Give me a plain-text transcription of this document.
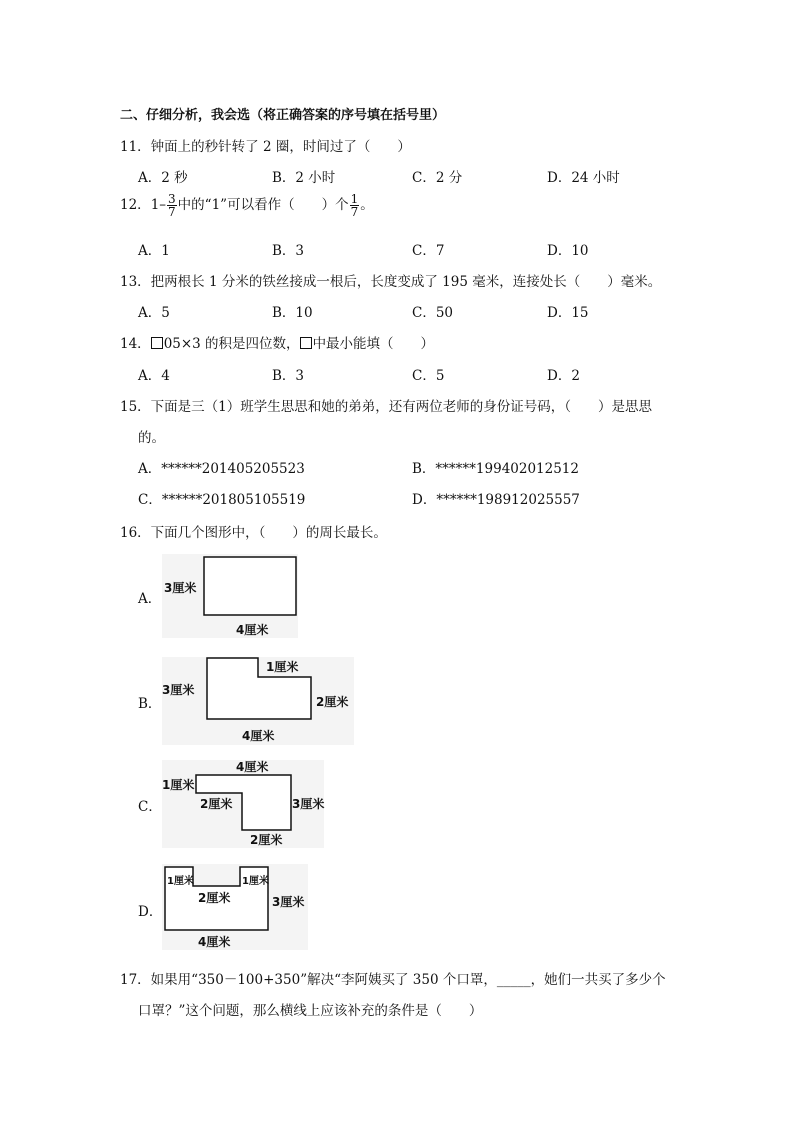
二、仔细分析，我会选（将正确答案的序号填在括号里）
11．钟面上的秒针转了 2 圈，时间过了（　　）
A．2 秒	B．2 小时	C．2 分	D．24 小时
12．$1- \frac{3}{7}$ 中的“1”可以看作（　　）个 $\frac{1}{7}$ 。
A．1	B．3	C．7	D．10
13．把两根长 1 分米的铁丝接成一根后，长度变成了 195 毫米，连接处长（　　）毫米。
A．5	B．10	C．50	D．15
14． 05×3 的积是四位数， 中最小能填（　　）
A．4	B．3	C．5	D．2
15．下面是三（1）班学生思思和她的弟弟，还有两位老师的身份证号码，（　　）是思思
的。
A．******201405205523	B．******199402012512
C．******201805105519	D．******198912025557
16．下面几个图形中，（　　）的周长最长。
A．
B．
C．
D．
3厘米
4厘米
3厘米
1厘米
2厘米
4厘米
4厘米
1厘米
2厘米	3厘米
2厘米
1厘米	1厘米
2厘米	3厘米
4厘米
17．如果用“350－100+350”解决“李阿姨买了 350 个口罩，_____，她们一共买了多少个
口罩？”这个问题，那么横线上应该补充的条件是（　　）
